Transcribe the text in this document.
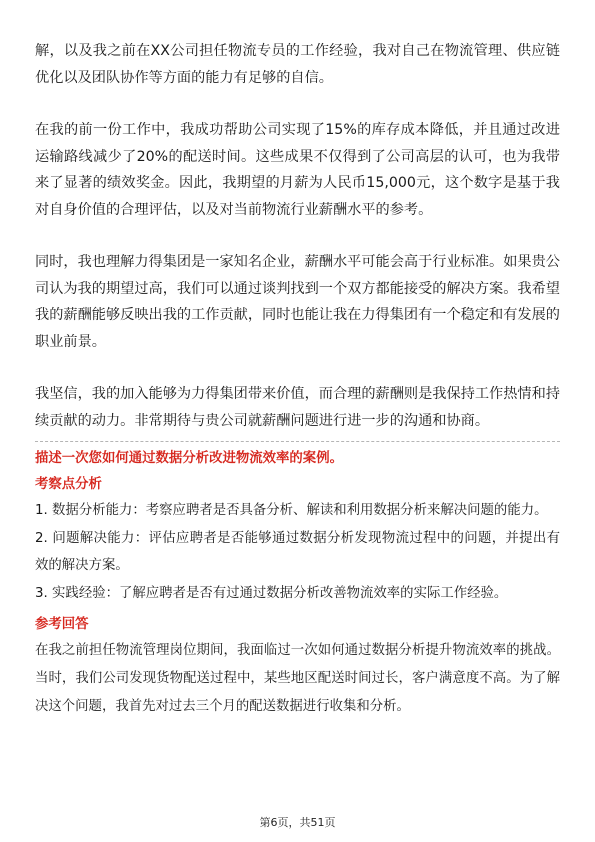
解，以及我之前在XX公司担任物流专员的工作经验，我对自己在物流管理、供应链优化以及团队协作等方面的能力有足够的自信。

在我的前一份工作中，我成功帮助公司实现了15%的库存成本降低，并且通过改进运输路线减少了20%的配送时间。这些成果不仅得到了公司高层的认可，也为我带来了显著的绩效奖金。因此，我期望的月薪为人民币15,000元，这个数字是基于我对自身价值的合理评估，以及对当前物流行业薪酬水平的参考。

同时，我也理解力得集团是一家知名企业，薪酬水平可能会高于行业标准。如果贵公司认为我的期望过高，我们可以通过谈判找到一个双方都能接受的解决方案。我希望我的薪酬能够反映出我的工作贡献，同时也能让我在力得集团有一个稳定和有发展的职业前景。

我坚信，我的加入能够为力得集团带来价值，而合理的薪酬则是我保持工作热情和持续贡献的动力。非常期待与贵公司就薪酬问题进行进一步的沟通和协商。

描述一次您如何通过数据分析改进物流效率的案例。

考察点分析

1. 数据分析能力：考察应聘者是否具备分析、解读和利用数据分析来解决问题的能力。

2. 问题解决能力：评估应聘者是否能够通过数据分析发现物流过程中的问题，并提出有效的解决方案。

3. 实践经验：了解应聘者是否有过通过数据分析改善物流效率的实际工作经验。

参考回答

在我之前担任物流管理岗位期间，我面临过一次如何通过数据分析提升物流效率的挑战。当时，我们公司发现货物配送过程中，某些地区配送时间过长，客户满意度不高。为了解决这个问题，我首先对过去三个月的配送数据进行收集和分析。

第6页，共51页
